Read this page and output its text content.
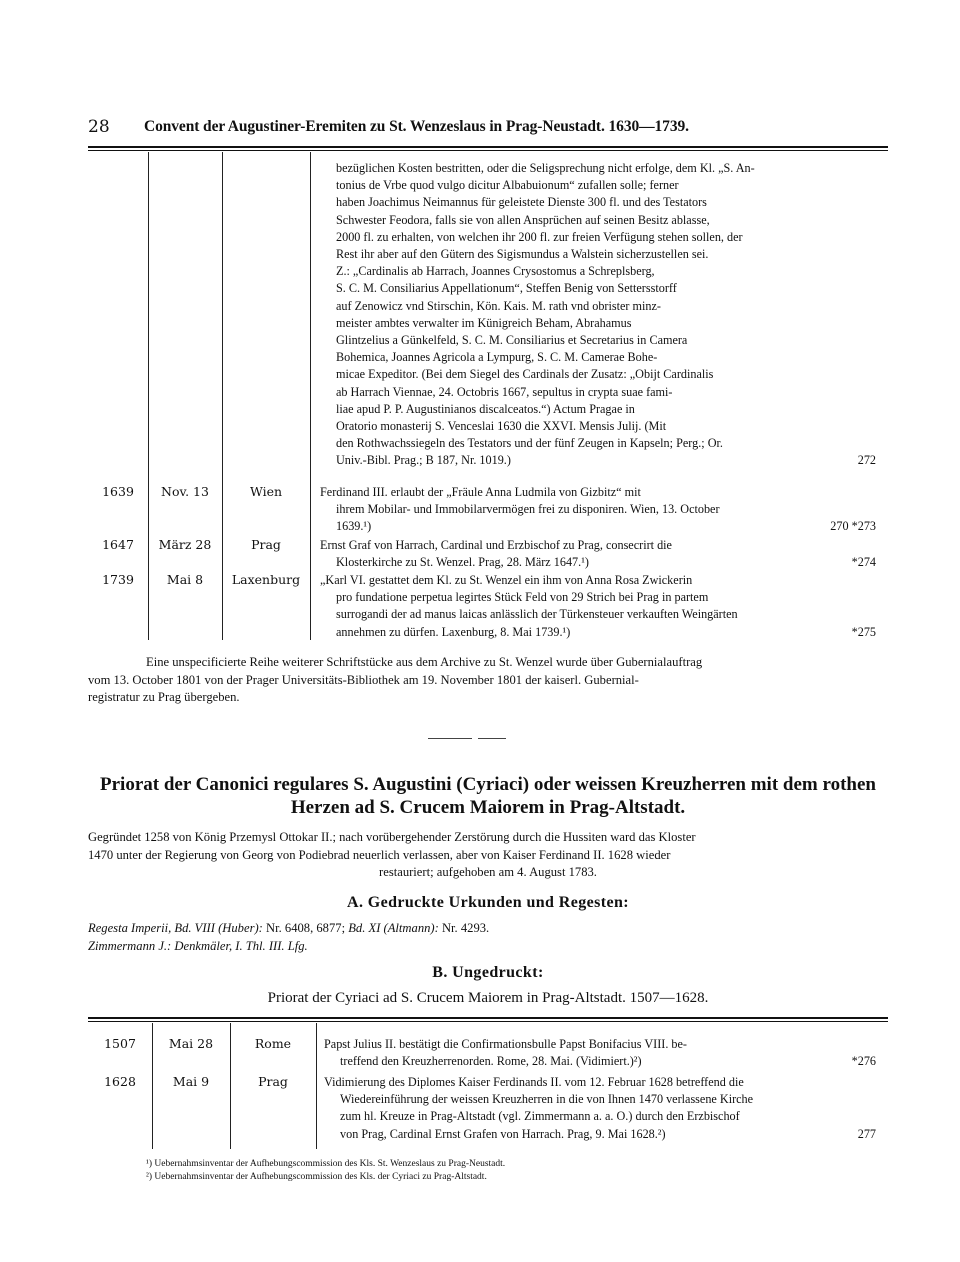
28 Convent der Augustiner-Eremiten zu St. Wenzeslaus in Prag-Neustadt. 1630—1739.
bezüglichen Kosten bestritten, oder die Seligsprechung nicht erfolge, dem Kl. „S. An-
tonius de Vrbe quod vulgo dicitur Albabuionum“ zufallen solle; ferner
haben Joachimus Neimannus für geleistete Dienste 300 fl. und des Testators
Schwester Feodora, falls sie von allen Ansprüchen auf seinen Besitz ablasse,
2000 fl. zu erhalten, von welchen ihr 200 fl. zur freien Verfügung stehen sollen, der
Rest ihr aber auf den Gütern des Sigismundus a Walstein sicherzustellen sei.
Z.: „Cardinalis ab Harrach, Joannes Crysostomus a Schreplsberg,
S. C. M. Consiliarius Appellationum“, Steffen Benig von Settersstorff
auf Zenowicz vnd Stirschin, Kön. Kais. M. rath vnd obrister minz-
meister ambtes verwalter im Künigreich Beham, Abrahamus
Glintzelius a Günkelfeld, S. C. M. Consiliarius et Secretarius in Camera
Bohemica, Joannes Agricola a Lympurg, S. C. M. Camerae Bohe-
micae Expeditor. (Bei dem Siegel des Cardinals der Zusatz: „Obijt Cardinalis
ab Harrach Viennae, 24. Octobris 1667, sepultus in crypta suae fami-
liae apud P. P. Augustinianos discalceatos.“) Actum Pragae in
Oratorio monasterij S. Venceslai 1630 die XXVI. Mensis Julij. (Mit
den Rothwachssiegeln des Testators und der fünf Zeugen in Kapseln; Perg.; Or.
Univ.-Bibl. Prag.; B 187, Nr. 1019.)	272
1639	Nov. 13	Wien	Ferdinand III. erlaubt der „Fräule Anna Ludmila von Gizbitz“ mit
ihrem Mobilar- und Immobilarvermögen frei zu disponiren. Wien, 13. October
1639.¹)	270 *273
1647	März 28	Prag	Ernst Graf von Harrach, Cardinal und Erzbischof zu Prag, consecrirt die
Klosterkirche zu St. Wenzel. Prag, 28. März 1647.¹)	*274
1739	Mai 8	Laxenburg	„Karl VI. gestattet dem Kl. zu St. Wenzel ein ihm von Anna Rosa Zwickerin
pro fundatione perpetua legirtes Stück Feld von 29 Strich bei Prag in partem
surrogandi der ad manus laicas anlässlich der Türkensteuer verkauften Weingärten
annehmen zu dürfen. Laxenburg, 8. Mai 1739.¹)	*275
Eine unspecificierte Reihe weiterer Schriftstücke aus dem Archive zu St. Wenzel wurde über Gubernialauftrag
vom 13. October 1801 von der Prager Universitäts-Bibliothek am 19. November 1801 der kaiserl. Gubernial-
registratur zu Prag übergeben.
Priorat der Canonici regulares S. Augustini (Cyriaci) oder weissen Kreuzherren mit dem rothen
Herzen ad S. Crucem Maiorem in Prag-Altstadt.
Gegründet 1258 von König Przemysl Ottokar II.; nach vorübergehender Zerstörung durch die Hussiten ward das Kloster
1470 unter der Regierung von Georg von Podiebrad neuerlich verlassen, aber von Kaiser Ferdinand II. 1628 wieder
restauriert; aufgehoben am 4. August 1783.
A. Gedruckte Urkunden und Regesten:
Regesta Imperii, Bd. VIII (Huber): Nr. 6408, 6877; Bd. XI (Altmann): Nr. 4293.
Zimmermann J.: Denkmäler, I. Thl. III. Lfg.
B. Ungedruckt:
Priorat der Cyriaci ad S. Crucem Maiorem in Prag-Altstadt. 1507—1628.
1507	Mai 28	Rome	Papst Julius II. bestätigt die Confirmationsbulle Papst Bonifacius VIII. be-
treffend den Kreuzherrenorden. Rome, 28. Mai. (Vidimiert.)²)	*276
1628	Mai 9	Prag	Vidimierung des Diplomes Kaiser Ferdinands II. vom 12. Februar 1628 betreffend die
Wiedereinführung der weissen Kreuzherren in die von Ihnen 1470 verlassene Kirche
zum hl. Kreuze in Prag-Altstadt (vgl. Zimmermann a. a. O.) durch den Erzbischof
von Prag, Cardinal Ernst Grafen von Harrach. Prag, 9. Mai 1628.²)	277
¹) Uebernahmsinventar der Aufhebungscommission des Kls. St. Wenzeslaus zu Prag-Neustadt.
²) Uebernahmsinventar der Aufhebungscommission des Kls. der Cyriaci zu Prag-Altstadt.
